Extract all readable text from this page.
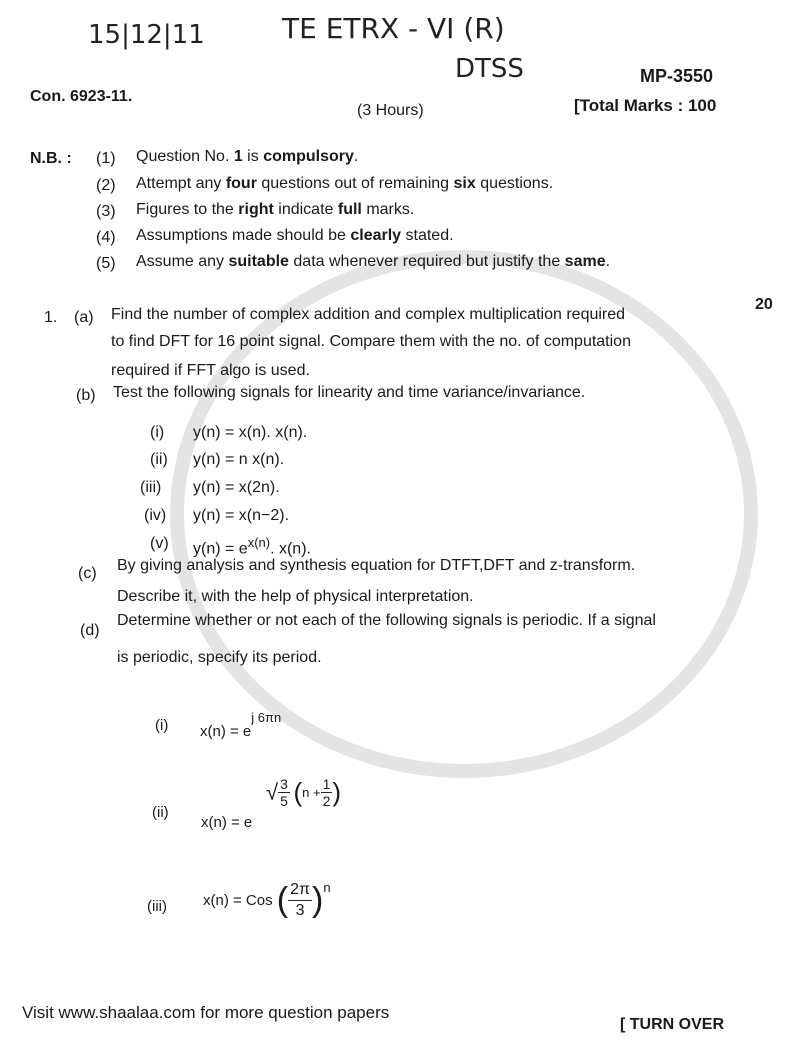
15|12|11	TE ETRX - VI (R)
DTSS
Con. 6923-11.
MP-3550
(3 Hours)	[Total Marks : 100
N.B. : (1) Question No. 1 is compulsory.
(2) Attempt any four questions out of remaining six questions.
(3) Figures to the right indicate full marks.
(4) Assumptions made should be clearly stated.
(5) Assume any suitable data whenever required but justify the same.
1.
20
(a) Find the number of complex addition and complex multiplication required
to find DFT for 16 point signal. Compare them with the no. of computation
required if FFT algo is used.
(b) Test the following signals for linearity and time variance/invariance.
(i) y(n) = x(n). x(n).
(ii) y(n) = n x(n).
(iii) y(n) = x(2n).
(iv) y(n) = x(n−2).
(v) $y(n) = e^{x(n)}$. x(n).
(c) By giving analysis and synthesis equation for DTFT,DFT and z-transform.
Describe it, with the help of physical interpretation.
(d)
Determine whether or not each of the following signals is periodic. If a signal
is periodic, specify its period.
(i) $x(n) = e^{j 6\pi n}$
(ii)
x(n) = e
√ $\frac{3}{5} (n + \frac{1}{2}$ )
(iii) x(n) = Cos ( $\frac{2\pi}{3} )^n$
Visit www.shaalaa.com for more question papers
[ TURN OVER
